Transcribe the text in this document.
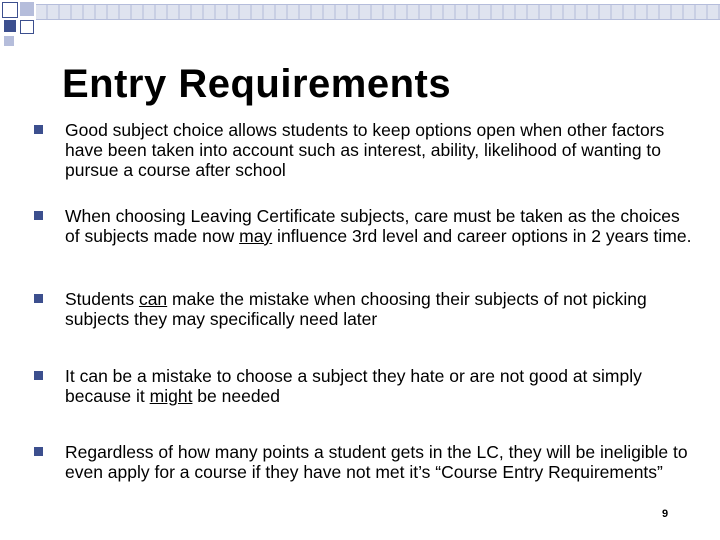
Entry Requirements
Good subject choice allows students to keep options open when other factors have been taken into account such as interest, ability, likelihood of wanting to pursue a course after school
When choosing Leaving Certificate subjects, care must be taken as the choices of subjects made now may influence 3rd level and career options in 2 years time.
Students can make the mistake when choosing their subjects of not picking subjects they may specifically need later
It can be a mistake to choose a subject they hate or are not good at simply because it might be needed
Regardless of how many points a student gets in the LC, they will be ineligible to even apply for a course if they have not met it’s “Course Entry Requirements”
9
